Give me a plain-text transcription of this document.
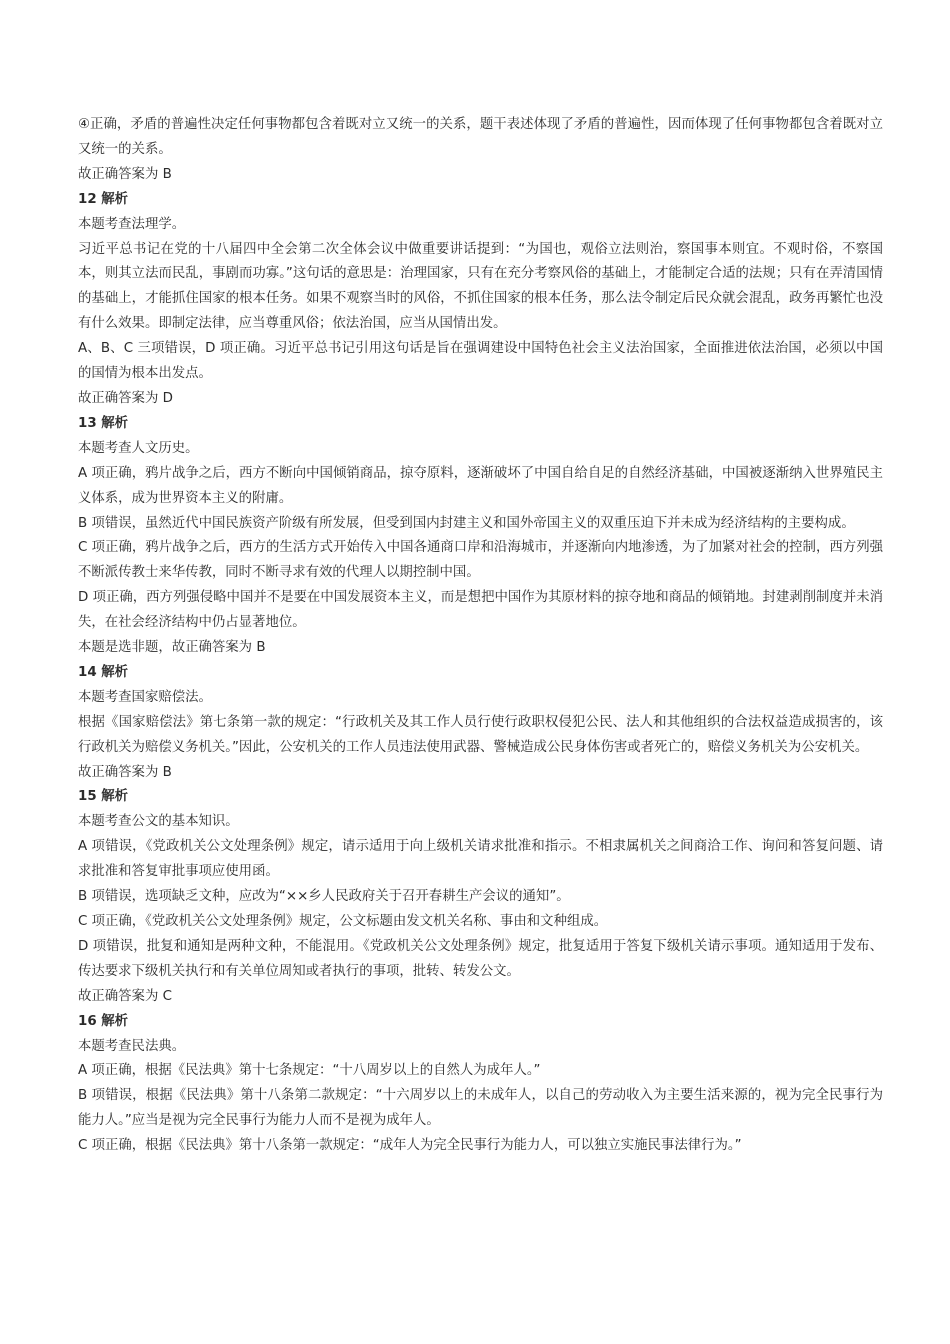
④正确，矛盾的普遍性决定任何事物都包含着既对立又统一的关系，题干表述体现了矛盾的普遍性，因而体现了任何事物都包含着既对立又统一的关系。

故正确答案为 B

12 解析

本题考查法理学。

习近平总书记在党的十八届四中全会第二次全体会议中做重要讲话提到：“为国也，观俗立法则治，察国事本则宜。不观时俗，不察国本，则其立法而民乱，事剧而功寡。”这句话的意思是：治理国家，只有在充分考察风俗的基础上，才能制定合适的法规；只有在弄清国情的基础上，才能抓住国家的根本任务。如果不观察当时的风俗，不抓住国家的根本任务，那么法令制定后民众就会混乱，政务再繁忙也没有什么效果。即制定法律，应当尊重风俗；依法治国，应当从国情出发。

A、B、C 三项错误，D 项正确。习近平总书记引用这句话是旨在强调建设中国特色社会主义法治国家，全面推进依法治国，必须以中国的国情为根本出发点。

故正确答案为 D

13 解析

本题考查人文历史。

A 项正确，鸦片战争之后，西方不断向中国倾销商品，掠夺原料，逐渐破坏了中国自给自足的自然经济基础，中国被逐渐纳入世界殖民主义体系，成为世界资本主义的附庸。

B 项错误，虽然近代中国民族资产阶级有所发展，但受到国内封建主义和国外帝国主义的双重压迫下并未成为经济结构的主要构成。

C 项正确，鸦片战争之后，西方的生活方式开始传入中国各通商口岸和沿海城市，并逐渐向内地渗透，为了加紧对社会的控制，西方列强不断派传教士来华传教，同时不断寻求有效的代理人以期控制中国。

D 项正确，西方列强侵略中国并不是要在中国发展资本主义，而是想把中国作为其原材料的掠夺地和商品的倾销地。封建剥削制度并未消失，在社会经济结构中仍占显著地位。

本题是选非题，故正确答案为 B

14 解析

本题考查国家赔偿法。

根据《国家赔偿法》第七条第一款的规定：“行政机关及其工作人员行使行政职权侵犯公民、法人和其他组织的合法权益造成损害的，该行政机关为赔偿义务机关。”因此，公安机关的工作人员违法使用武器、警械造成公民身体伤害或者死亡的，赔偿义务机关为公安机关。

故正确答案为 B

15 解析

本题考查公文的基本知识。

A 项错误，《党政机关公文处理条例》规定，请示适用于向上级机关请求批准和指示。不相隶属机关之间商洽工作、询问和答复问题、请求批准和答复审批事项应使用函。

B 项错误，选项缺乏文种，应改为“××乡人民政府关于召开春耕生产会议的通知”。

C 项正确，《党政机关公文处理条例》规定，公文标题由发文机关名称、事由和文种组成。

D 项错误，批复和通知是两种文种，不能混用。《党政机关公文处理条例》规定，批复适用于答复下级机关请示事项。通知适用于发布、传达要求下级机关执行和有关单位周知或者执行的事项，批转、转发公文。

故正确答案为 C

16 解析

本题考查民法典。

A 项正确，根据《民法典》第十七条规定：“十八周岁以上的自然人为成年人。”

B 项错误，根据《民法典》第十八条第二款规定：“十六周岁以上的未成年人，以自己的劳动收入为主要生活来源的，视为完全民事行为能力人。”应当是视为完全民事行为能力人而不是视为成年人。

C 项正确，根据《民法典》第十八条第一款规定：“成年人为完全民事行为能力人，可以独立实施民事法律行为。”
